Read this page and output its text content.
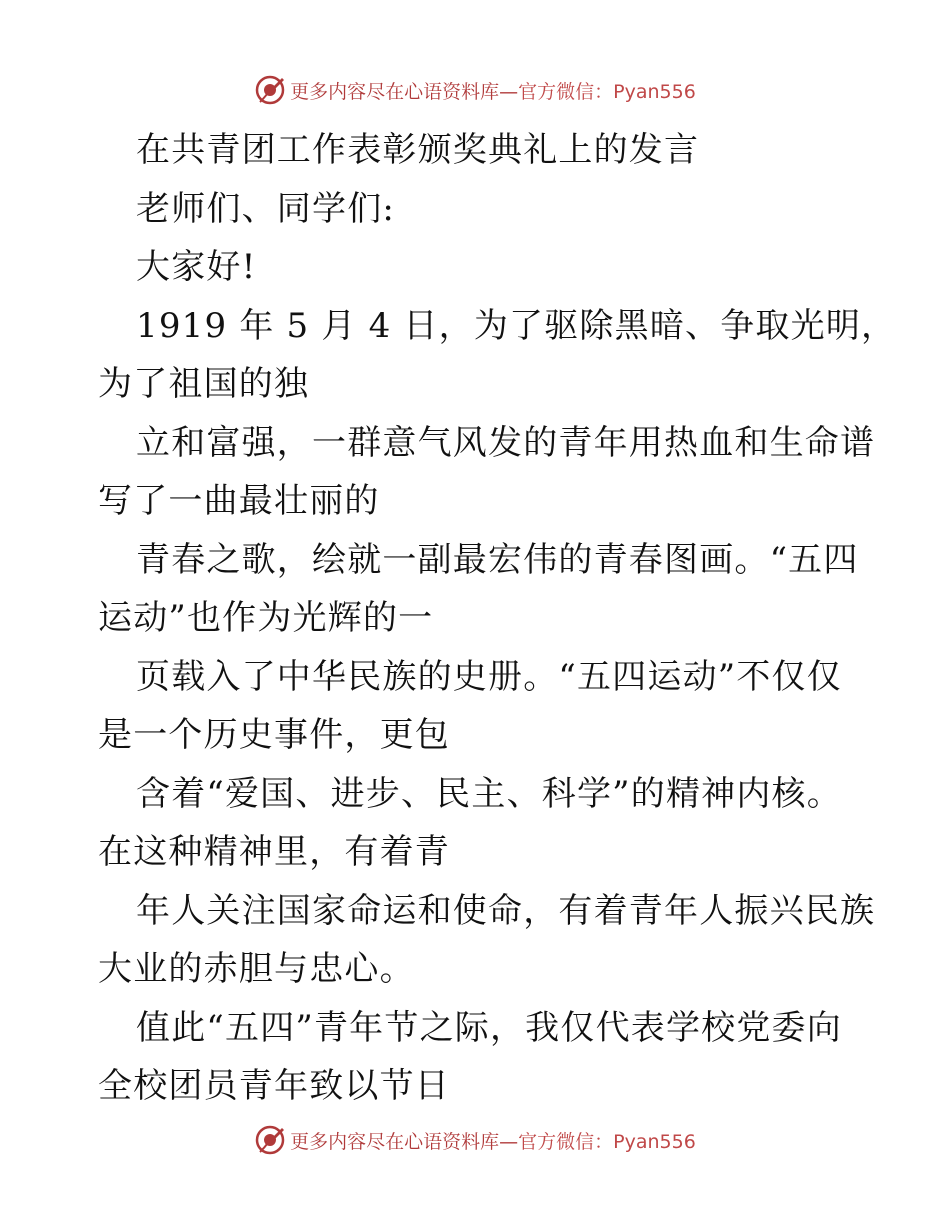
更多内容尽在心语资料库—官方微信：Pyan556
在共青团工作表彰颁奖典礼上的发言
老师们、同学们:
大家好!
1919 年 5 月 4 日，为了驱除黑暗、争取光明，
为了祖国的独
立和富强，一群意气风发的青年用热血和生命谱
写了一曲最壮丽的
青春之歌，绘就一副最宏伟的青春图画。“五四
运动”也作为光辉的一
页载入了中华民族的史册。“五四运动”不仅仅
是一个历史事件，更包
含着“爱国、进步、民主、科学”的精神内核。
在这种精神里，有着青
年人关注国家命运和使命，有着青年人振兴民族
大业的赤胆与忠心。
值此“五四”青年节之际，我仅代表学校党委向
全校团员青年致以节日
更多内容尽在心语资料库—官方微信：Pyan556
